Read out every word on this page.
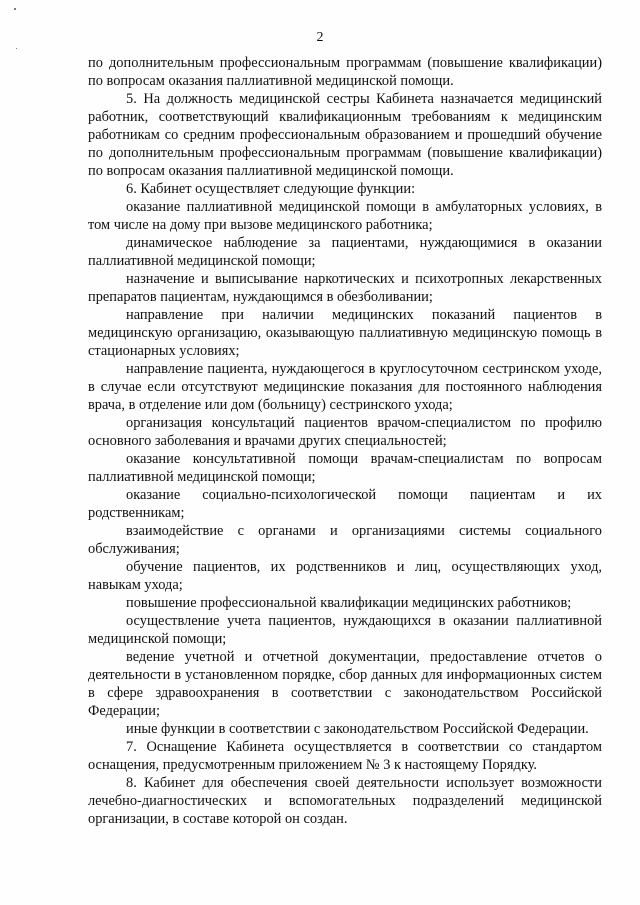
2

по дополнительным профессиональным программам (повышение квалификации) по вопросам оказания паллиативной медицинской помощи.

5. На должность медицинской сестры Кабинета назначается медицинский работник, соответствующий квалификационным требованиям к медицинским работникам со средним профессиональным образованием и прошедший обучение по дополнительным профессиональным программам (повышение квалификации) по вопросам оказания паллиативной медицинской помощи.

6. Кабинет осуществляет следующие функции:

оказание паллиативной медицинской помощи в амбулаторных условиях, в том числе на дому при вызове медицинского работника;

динамическое наблюдение за пациентами, нуждающимися в оказании паллиативной медицинской помощи;

назначение и выписывание наркотических и психотропных лекарственных препаратов пациентам, нуждающимся в обезболивании;

направление при наличии медицинских показаний пациентов в медицинскую организацию, оказывающую паллиативную медицинскую помощь в стационарных условиях;

направление пациента, нуждающегося в круглосуточном сестринском уходе, в случае если отсутствуют медицинские показания для постоянного наблюдения врача, в отделение или дом (больницу) сестринского ухода;

организация консультаций пациентов врачом-специалистом по профилю основного заболевания и врачами других специальностей;

оказание консультативной помощи врачам-специалистам по вопросам паллиативной медицинской помощи;

оказание социально-психологической помощи пациентам и их родственникам;

взаимодействие с органами и организациями системы социального обслуживания;

обучение пациентов, их родственников и лиц, осуществляющих уход, навыкам ухода;

повышение профессиональной квалификации медицинских работников;

осуществление учета пациентов, нуждающихся в оказании паллиативной медицинской помощи;

ведение учетной и отчетной документации, предоставление отчетов о деятельности в установленном порядке, сбор данных для информационных систем в сфере здравоохранения в соответствии с законодательством Российской Федерации;

иные функции в соответствии с законодательством Российской Федерации.

7. Оснащение Кабинета осуществляется в соответствии со стандартом оснащения, предусмотренным приложением № 3 к настоящему Порядку.

8. Кабинет для обеспечения своей деятельности использует возможности лечебно-диагностических и вспомогательных подразделений медицинской организации, в составе которой он создан.
